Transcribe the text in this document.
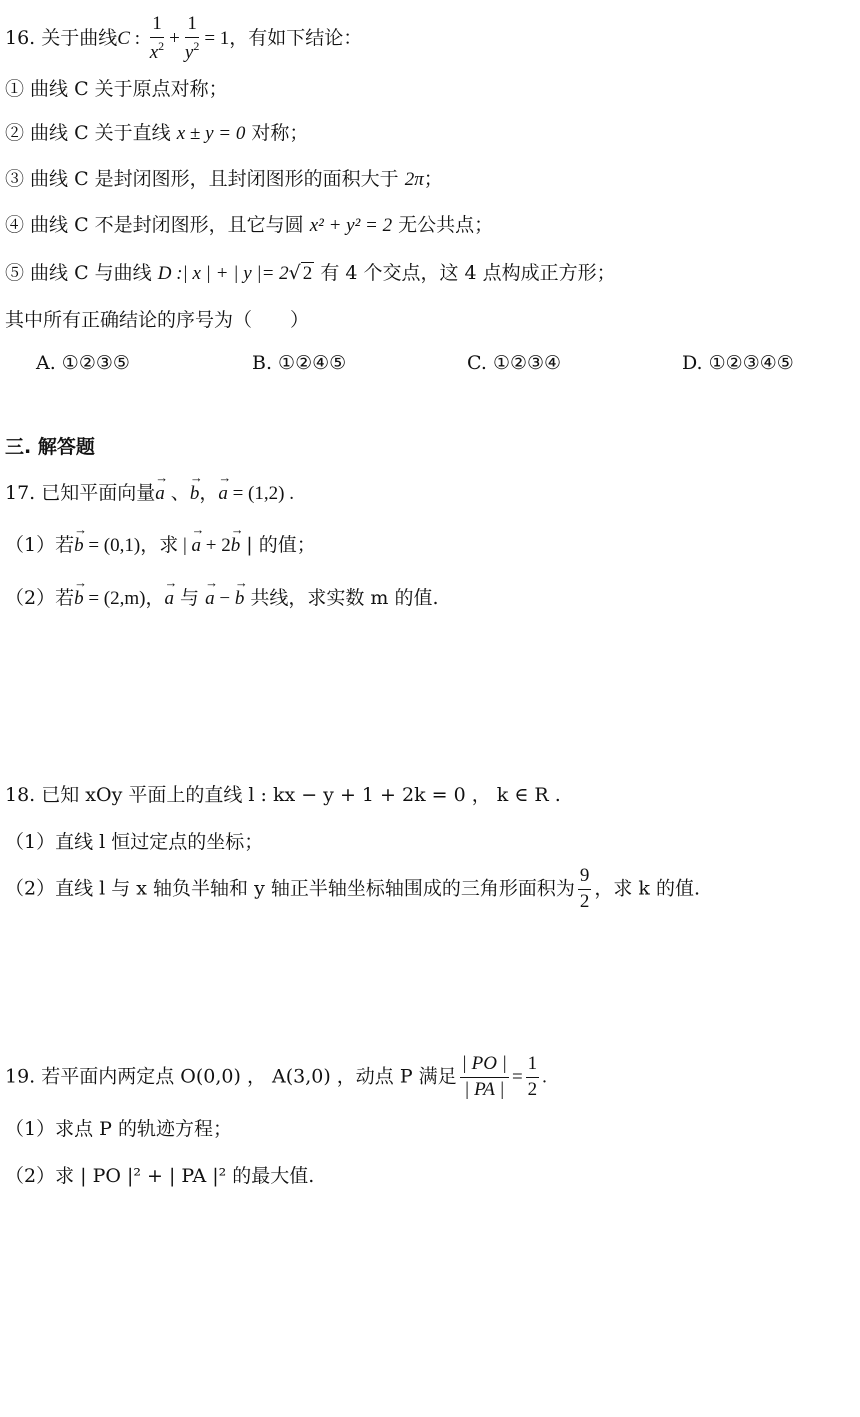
16. 关于曲线C : $\frac{1}{x^2} + \frac{1}{y^2} = 1$，有如下结论：
① 曲线 C 关于原点对称；
② 曲线 C 关于直线 x ± y = 0 对称；
③ 曲线 C 是封闭图形，且封闭图形的面积大于 2π；
④ 曲线 C 不是封闭图形，且它与圆 x² + y² = 2 无公共点；
⑤ 曲线 C 与曲线 D :| x | + | y |= 2√ 2 有 4 个交点，这 4 点构成正方形；
其中所有正确结论的序号为（　　）
A. ①②③⑤	B. ①②④⑤	C. ①②③④	D. ①②③④⑤
三. 解答题
17. 已知平面向量→ a 、→ b，→ a = (1,2) .
（1）若→ b = (0,1)，求 | → a + 2→ b | 的值；
（2）若→ b = (2,m)，→ a 与 → a − → b 共线，求实数 m 的值.
18. 已知 xOy 平面上的直线 l : kx − y + 1 + 2k = 0 ， k ∈ R .
（1）直线 l 恒过定点的坐标；
（2）直线 l 与 x 轴负半轴和 y 轴正半轴坐标轴围成的三角形面积为 $\frac{9}{2}$ ，求 k 的值.
19. 若平面内两定点 O(0,0) ， A(3,0) ，动点 P 满足 $\frac{| PO |}{| PA |} = \frac{1}{2}$ .
（1）求点 P 的轨迹方程；
（2）求 | PO |² + | PA |² 的最大值.
